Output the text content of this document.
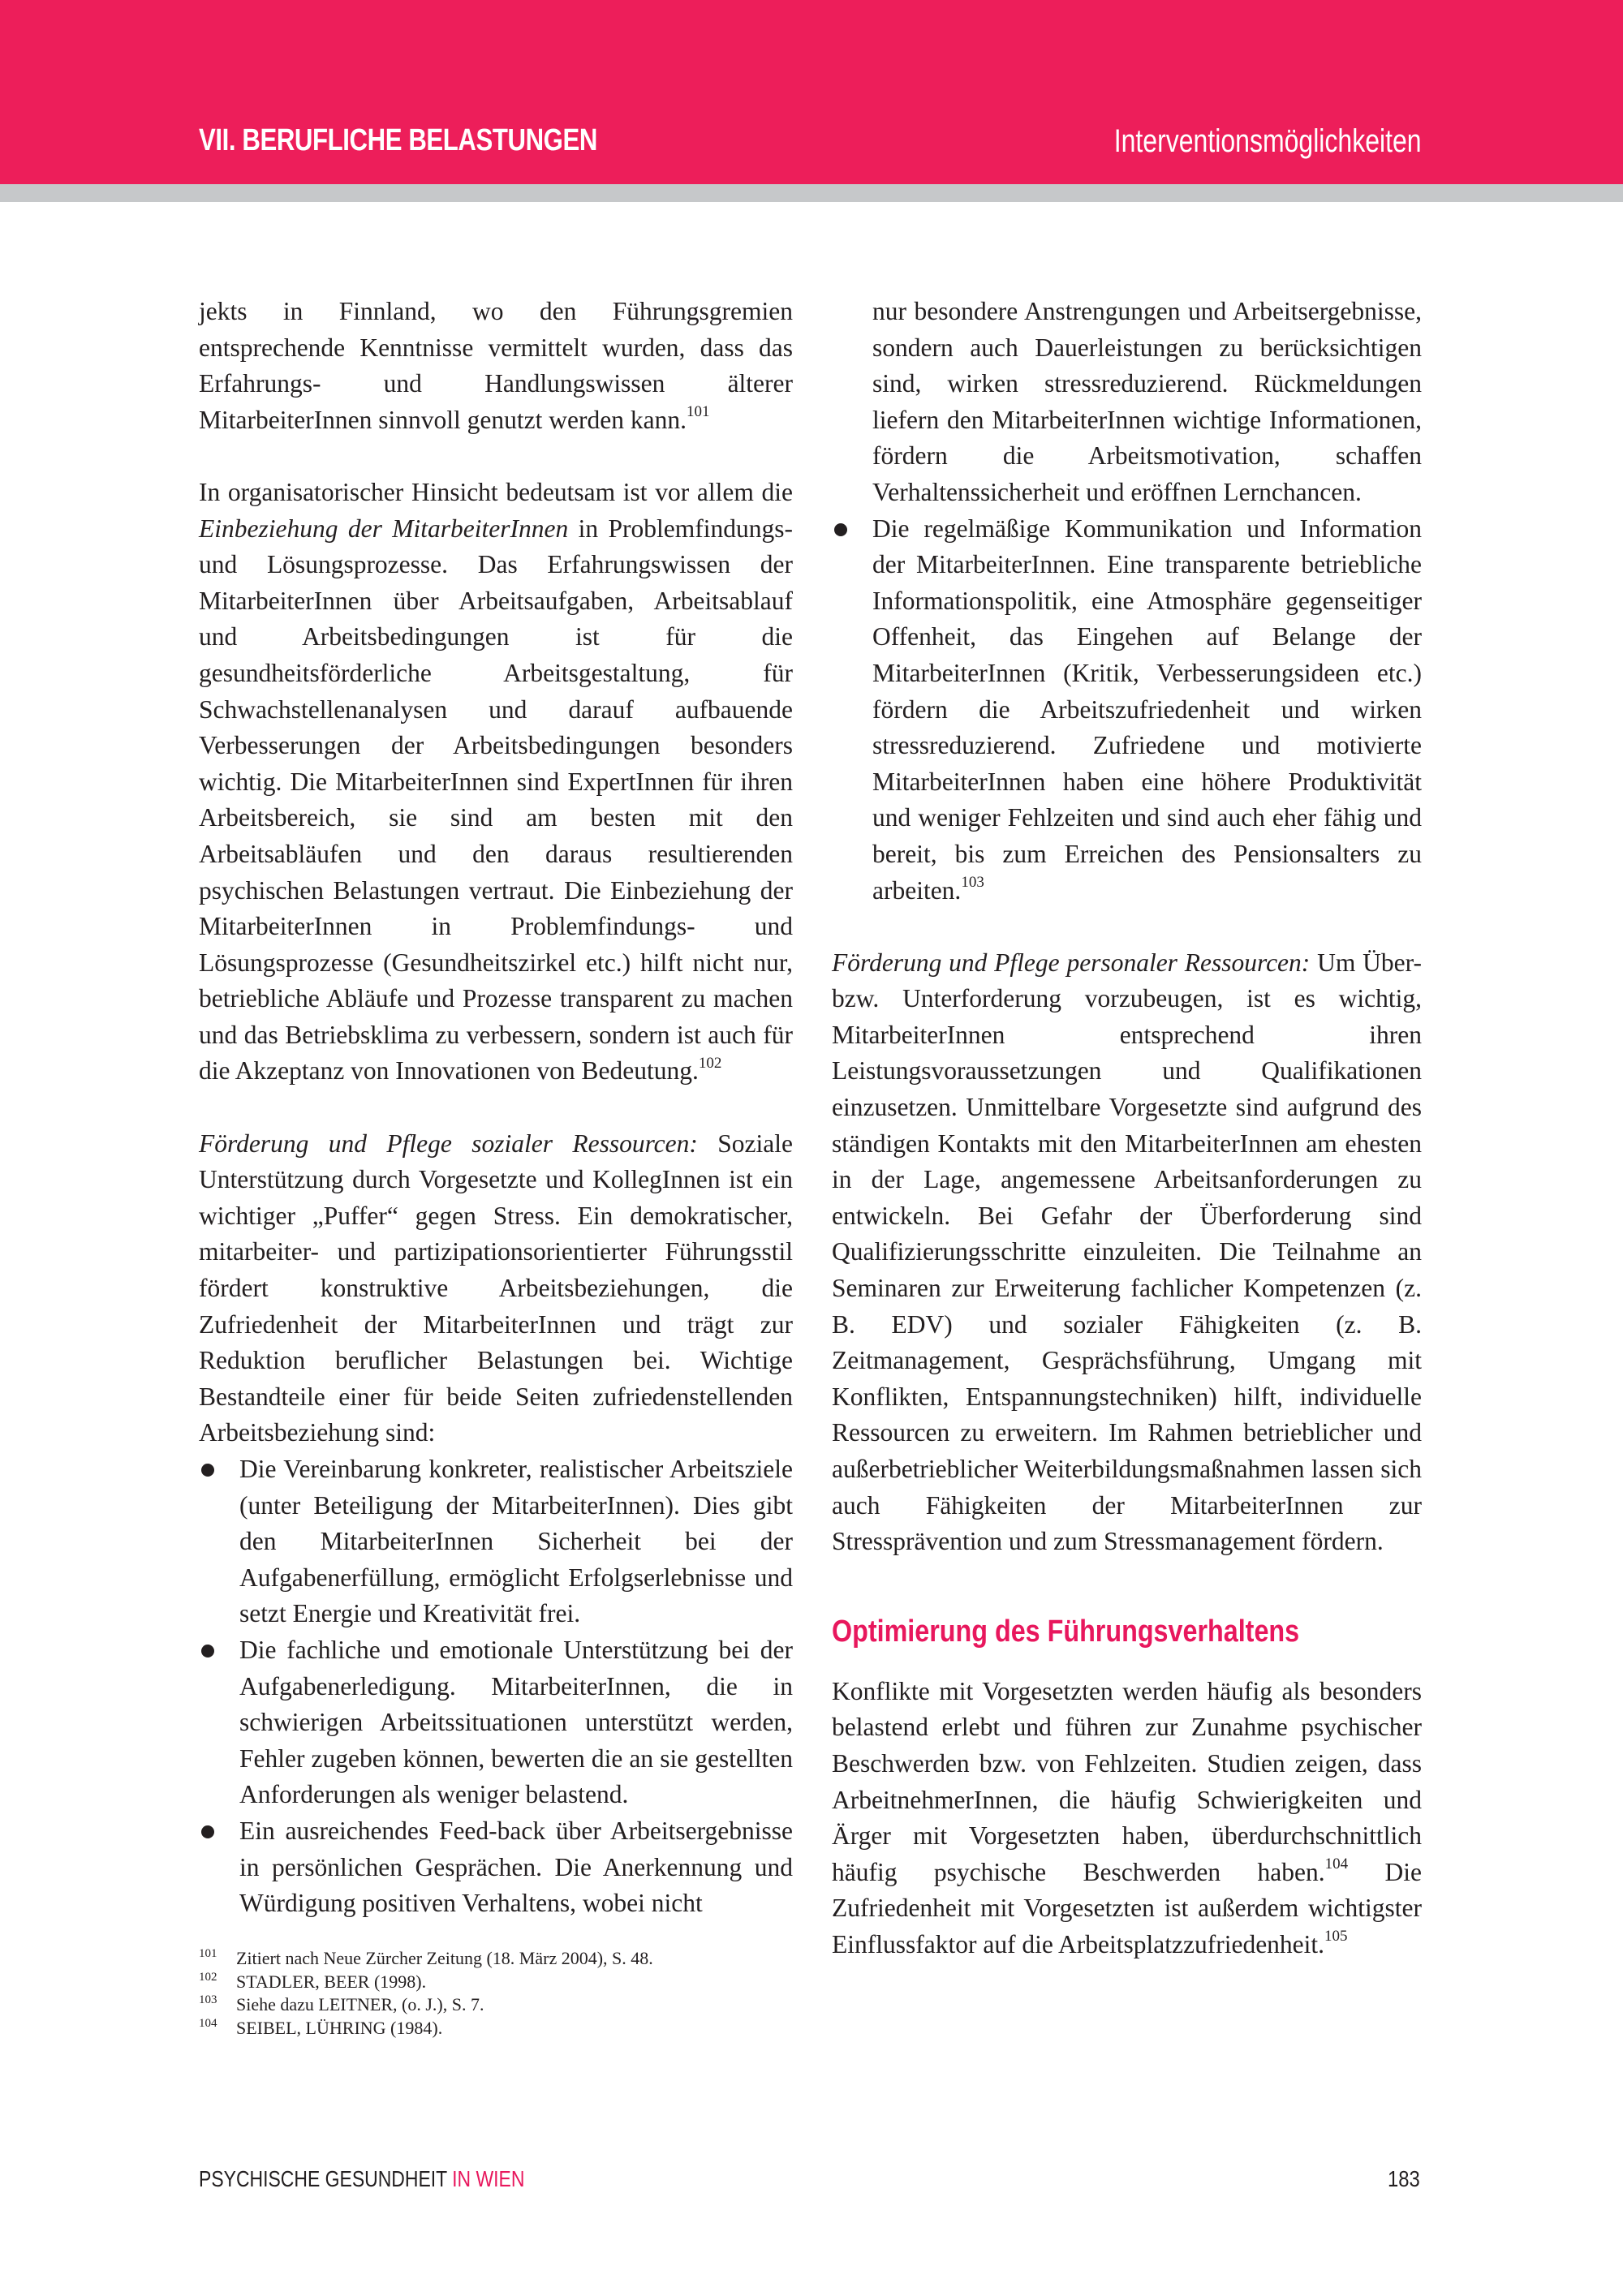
VII. BERUFLICHE BELASTUNGEN	Interventionsmöglichkeiten

jekts in Finnland, wo den Führungsgremien entsprechende Kenntnisse vermittelt wurden, dass das Erfahrungs- und Handlungswissen älterer MitarbeiterInnen sinnvoll genutzt werden kann.$^{101}$

In organisatorischer Hinsicht bedeutsam ist vor allem die Einbeziehung der MitarbeiterInnen in Problemfindungs- und Lösungsprozesse. Das Erfahrungswissen der MitarbeiterInnen über Arbeitsaufgaben, Arbeitsablauf und Arbeitsbedingungen ist für die gesundheitsförderliche Arbeitsgestaltung, für Schwachstellenanalysen und darauf aufbauende Verbesserungen der Arbeitsbedingungen besonders wichtig. Die MitarbeiterInnen sind ExpertInnen für ihren Arbeitsbereich, sie sind am besten mit den Arbeitsabläufen und den daraus resultierenden psychischen Belastungen vertraut. Die Einbeziehung der MitarbeiterInnen in Problemfindungs- und Lösungsprozesse (Gesundheitszirkel etc.) hilft nicht nur, betriebliche Abläufe und Prozesse transparent zu machen und das Betriebsklima zu verbessern, sondern ist auch für die Akzeptanz von Innovationen von Bedeutung.$^{102}$

Förderung und Pflege sozialer Ressourcen: Soziale Unterstützung durch Vorgesetzte und KollegInnen ist ein wichtiger „Puffer“ gegen Stress. Ein demokratischer, mitarbeiter- und partizipationsorientierter Führungsstil fördert konstruktive Arbeitsbeziehungen, die Zufriedenheit der MitarbeiterInnen und trägt zur Reduktion beruflicher Belastungen bei. Wichtige Bestandteile einer für beide Seiten zufriedenstellenden Arbeitsbeziehung sind:

Die Vereinbarung konkreter, realistischer Arbeitsziele (unter Beteiligung der MitarbeiterInnen). Dies gibt den MitarbeiterInnen Sicherheit bei der Aufgabenerfüllung, ermöglicht Erfolgserlebnisse und setzt Energie und Kreativität frei.
Die fachliche und emotionale Unterstützung bei der Aufgabenerledigung. MitarbeiterInnen, die in schwierigen Arbeitssituationen unterstützt werden, Fehler zugeben können, bewerten die an sie gestellten Anforderungen als weniger belastend.
Ein ausreichendes Feed-back über Arbeitsergebnisse in persönlichen Gesprächen. Die Anerkennung und Würdigung positiven Verhaltens, wobei nicht

nur besondere Anstrengungen und Arbeitsergebnisse, sondern auch Dauerleistungen zu berücksichtigen sind, wirken stressreduzierend. Rückmeldungen liefern den MitarbeiterInnen wichtige Informationen, fördern die Arbeitsmotivation, schaffen Verhaltenssicherheit und eröffnen Lernchancen.

Die regelmäßige Kommunikation und Information der MitarbeiterInnen. Eine transparente betriebliche Informationspolitik, eine Atmosphäre gegenseitiger Offenheit, das Eingehen auf Belange der MitarbeiterInnen (Kritik, Verbesserungsideen etc.) fördern die Arbeitszufriedenheit und wirken stressreduzierend. Zufriedene und motivierte MitarbeiterInnen haben eine höhere Produktivität und weniger Fehlzeiten und sind auch eher fähig und bereit, bis zum Erreichen des Pensionsalters zu arbeiten.$^{103}$

Förderung und Pflege personaler Ressourcen: Um Über- bzw. Unterforderung vorzubeugen, ist es wichtig, MitarbeiterInnen entsprechend ihren Leistungsvoraussetzungen und Qualifikationen einzusetzen. Unmittelbare Vorgesetzte sind aufgrund des ständigen Kontakts mit den MitarbeiterInnen am ehesten in der Lage, angemessene Arbeitsanforderungen zu entwickeln. Bei Gefahr der Überforderung sind Qualifizierungsschritte einzuleiten. Die Teilnahme an Seminaren zur Erweiterung fachlicher Kompetenzen (z. B. EDV) und sozialer Fähigkeiten (z. B. Zeitmanagement, Gesprächsführung, Umgang mit Konflikten, Entspannungstechniken) hilft, individuelle Ressourcen zu erweitern. Im Rahmen betrieblicher und außerbetrieblicher Weiterbildungsmaßnahmen lassen sich auch Fähigkeiten der MitarbeiterInnen zur Stressprävention und zum Stressmanagement fördern.

Optimierung des Führungsverhaltens

Konflikte mit Vorgesetzten werden häufig als besonders belastend erlebt und führen zur Zunahme psychischer Beschwerden bzw. von Fehlzeiten. Studien zeigen, dass ArbeitnehmerInnen, die häufig Schwierigkeiten und Ärger mit Vorgesetzten haben, überdurchschnittlich häufig psychische Beschwerden haben.$^{104}$ Die Zufriedenheit mit Vorgesetzten ist außerdem wichtigster Einflussfaktor auf die Arbeitsplatzzufriedenheit.$^{105}$

101 Zitiert nach Neue Zürcher Zeitung (18. März 2004), S. 48.
102 STADLER, BEER (1998).
103 Siehe dazu LEITNER, (o. J.), S. 7.
104 SEIBEL, LÜHRING (1984).
PSYCHISCHE GESUNDHEIT IN WIEN	183
